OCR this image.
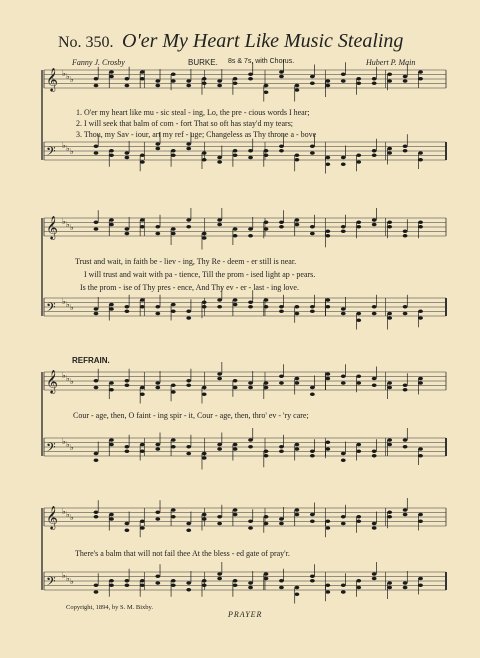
No. 350. O'er My Heart Like Music Stealing
Fanny J. Crosby	BURKE. 8s & 7s, with Chorus.	Hubert P. Main
𝄞 ♭ ♭ ♭
𝄢 ♭ ♭ ♭
𝄞 ♭ ♭ ♭
𝄢 ♭ ♭ ♭
𝄞 ♭ ♭ ♭
𝄢 ♭ ♭ ♭
𝄞 ♭ ♭ ♭
𝄢 ♭ ♭ ♭
1. O'er my heart like mu - sic steal - ing, Lo, the pre - cious words I hear;
2. I will seek that balm of com - fort That so oft has stay'd my tears;
3. Thou, my Sav - iour, art my ref - uge; Changeless as Thy throne a - bove
Trust and wait, in faith be - liev - ing, Thy Re - deem - er still is near.
I will trust and wait with pa - tience, Till the prom - ised light ap - pears.
Is the prom - ise of Thy pres - ence, And Thy ev - er - last - ing love.
REFRAIN.
Cour - age, then, O faint - ing spir - it, Cour - age, then, thro' ev - 'ry care;
There's a balm that will not fail thee At the bless - ed gate of pray'r.
Copyright, 1894, by S. M. Bixby.
PRAYER
